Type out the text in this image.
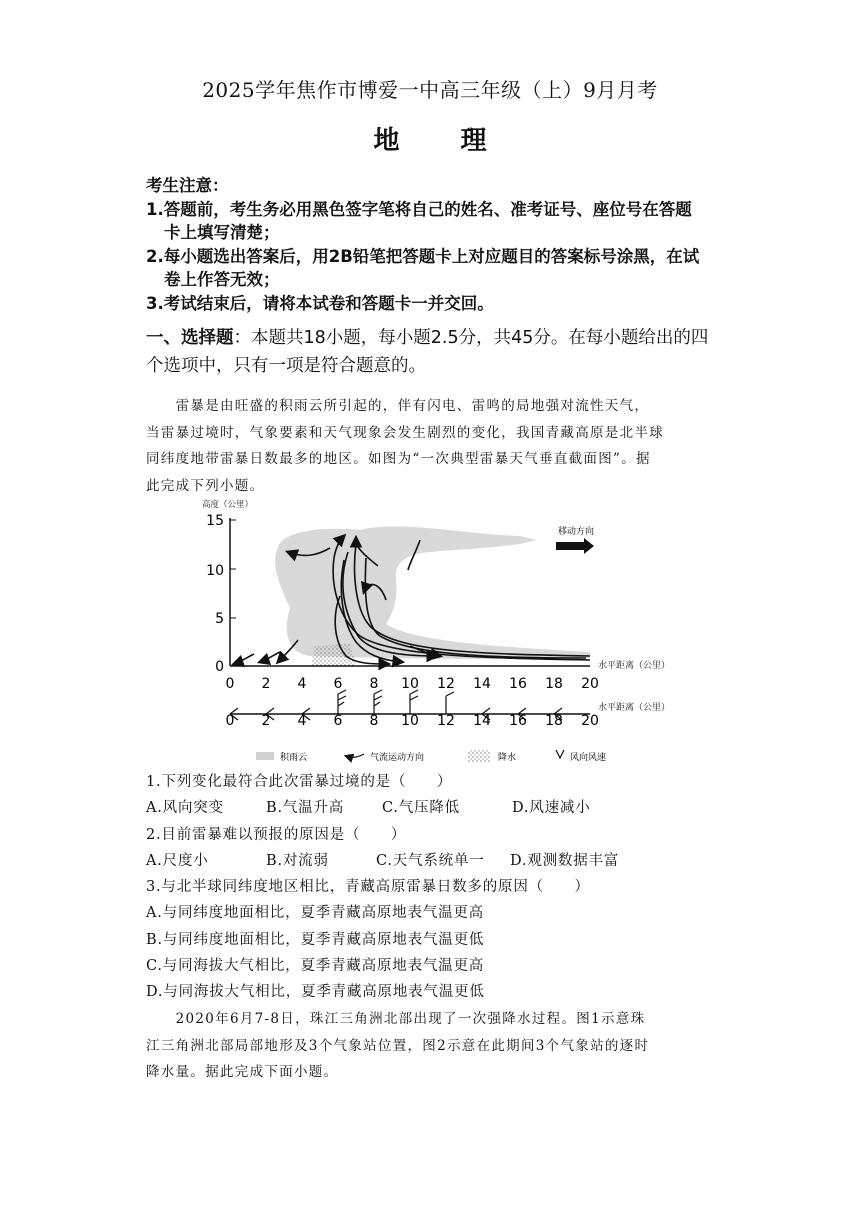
2025学年焦作市博爱一中高三年级（上）9月月考
地 理
考生注意：
1.答题前，考生务必用黑色签字笔将自己的姓名、准考证号、座位号在答题
卡上填写清楚；
2.每小题选出答案后，用2B铅笔把答题卡上对应题目的答案标号涂黑，在试
卷上作答无效；
3.考试结束后，请将本试卷和答题卡一并交回。
一、选择题：本题共18小题，每小题2.5分，共45分。在每小题给出的四
个选项中，只有一项是符合题意的。
　　雷暴是由旺盛的积雨云所引起的，伴有闪电、雷鸣的局地强对流性天气，
当雷暴过境时，气象要素和天气现象会发生剧烈的变化，我国青藏高原是北半球
同纬度地带雷暴日数最多的地区。如图为“一次典型雷暴天气垂直截面图”。据
此完成下列小题。
高度（公里）
15
10
5
0
0 2 4 6 8 10 12 14 16 18 20
水平距离（公里）
移动方向
0 2 4 6 8 10 12 14 16 18 20
水平距离（公里）
积雨云	气流运动方向	降水	风向风速
1.下列变化最符合此次雷暴过境的是（　　）
A.风向突变	B.气温升高	C.气压降低	D.风速减小
2.目前雷暴难以预报的原因是（　　）
A.尺度小	B.对流弱	C.天气系统单一	D.观测数据丰富
3.与北半球同纬度地区相比，青藏高原雷暴日数多的原因（　　）
A.与同纬度地面相比，夏季青藏高原地表气温更高
B.与同纬度地面相比，夏季青藏高原地表气温更低
C.与同海拔大气相比，夏季青藏高原地表气温更高
D.与同海拔大气相比，夏季青藏高原地表气温更低
　　2020年6月7-8日，珠江三角洲北部出现了一次强降水过程。图1示意珠
江三角洲北部局部地形及3个气象站位置，图2示意在此期间3个气象站的逐时
降水量。据此完成下面小题。
